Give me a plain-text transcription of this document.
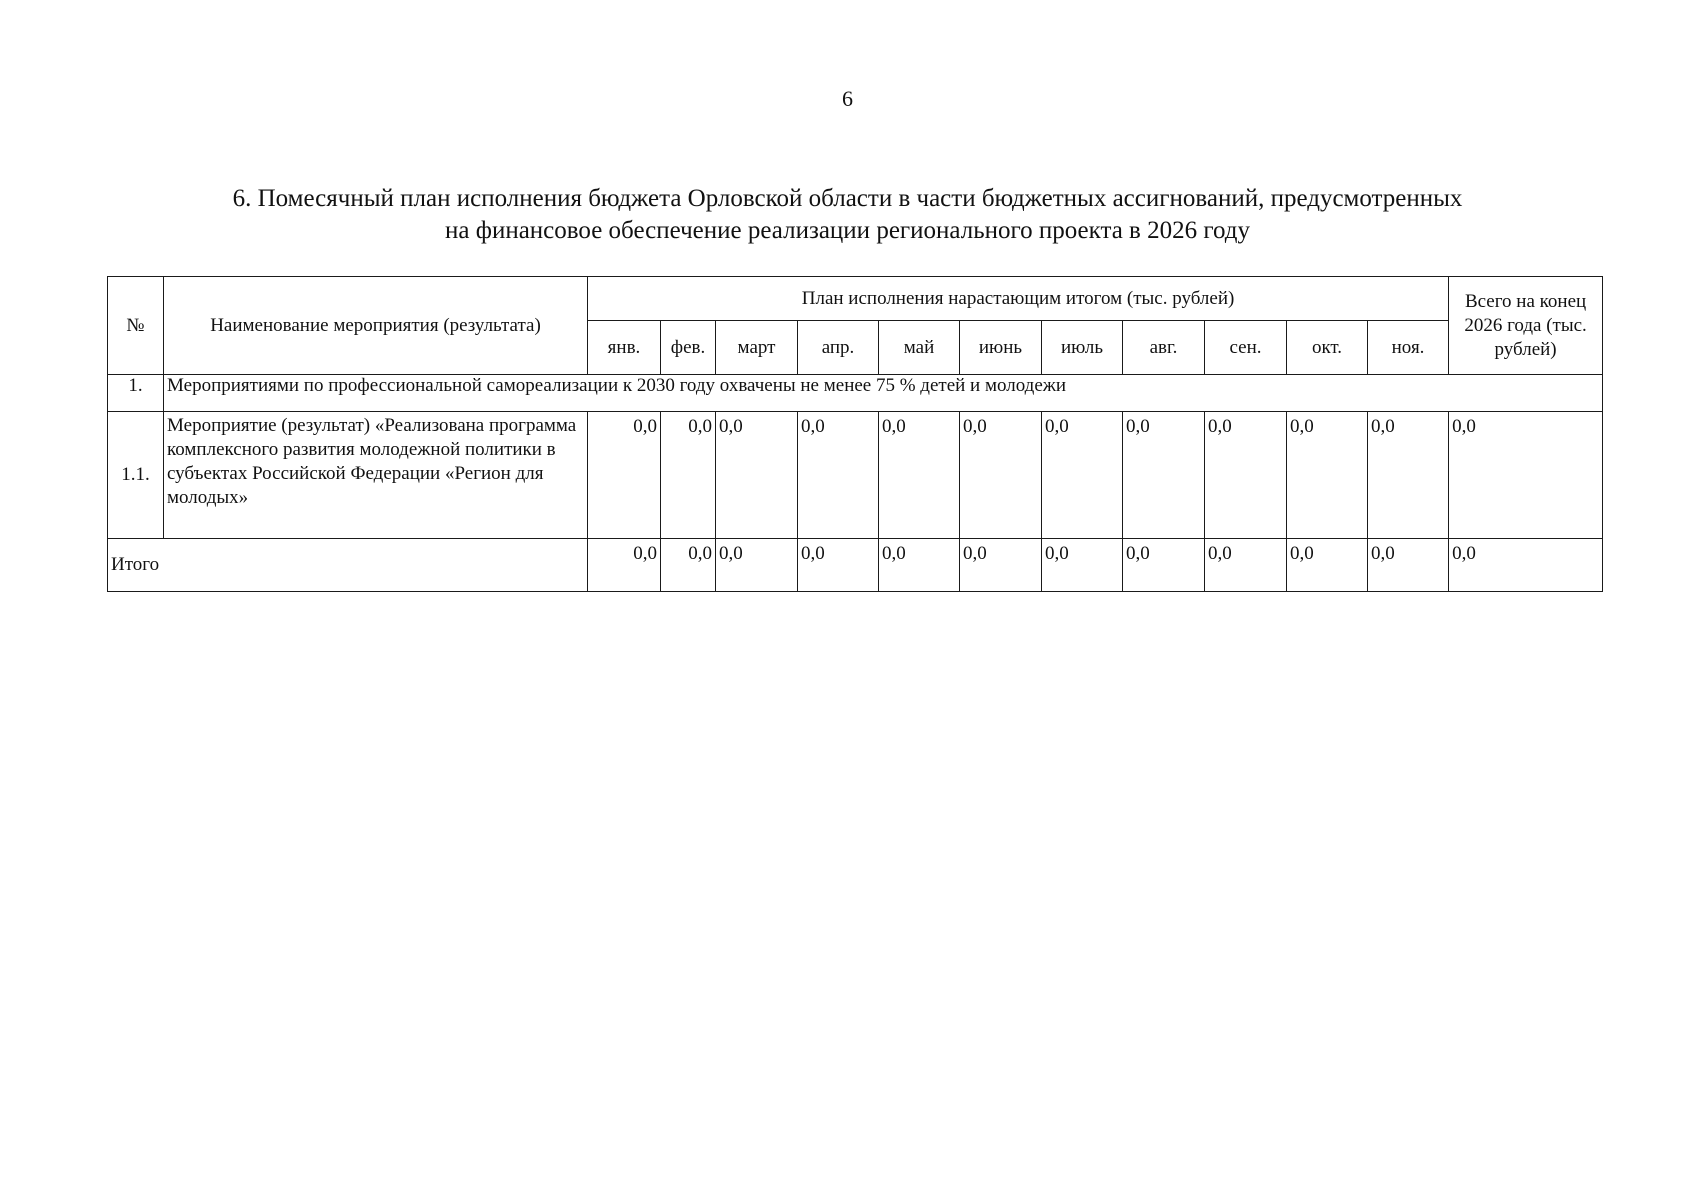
6
6. Помесячный план исполнения бюджета Орловской области в части бюджетных ассигнований, предусмотренных
на финансовое обеспечение реализации регионального проекта в 2026 году
№	Наименование мероприятия (результата)	План исполнения нарастающим итогом (тыс. рублей)											Всего на конец 2026 года (тыс. рублей)
		янв.	фев.	март	апр.	май	июнь	июль	авг.	сен.	окт.	ноя.	
1.	Мероприятиями по профессиональной самореализации к 2030 году охвачены не менее 75 % детей и молодежи												
1.1.	Мероприятие (результат) «Реализована программа комплексного развития молодежной политики в субъектах Российской Федерации «Регион для молодых»	0,0	0,0	0,0	0,0	0,0	0,0	0,0	0,0	0,0	0,0	0,0	0,0
Итого		0,0	0,0	0,0	0,0	0,0	0,0	0,0	0,0	0,0	0,0	0,0	0,0
